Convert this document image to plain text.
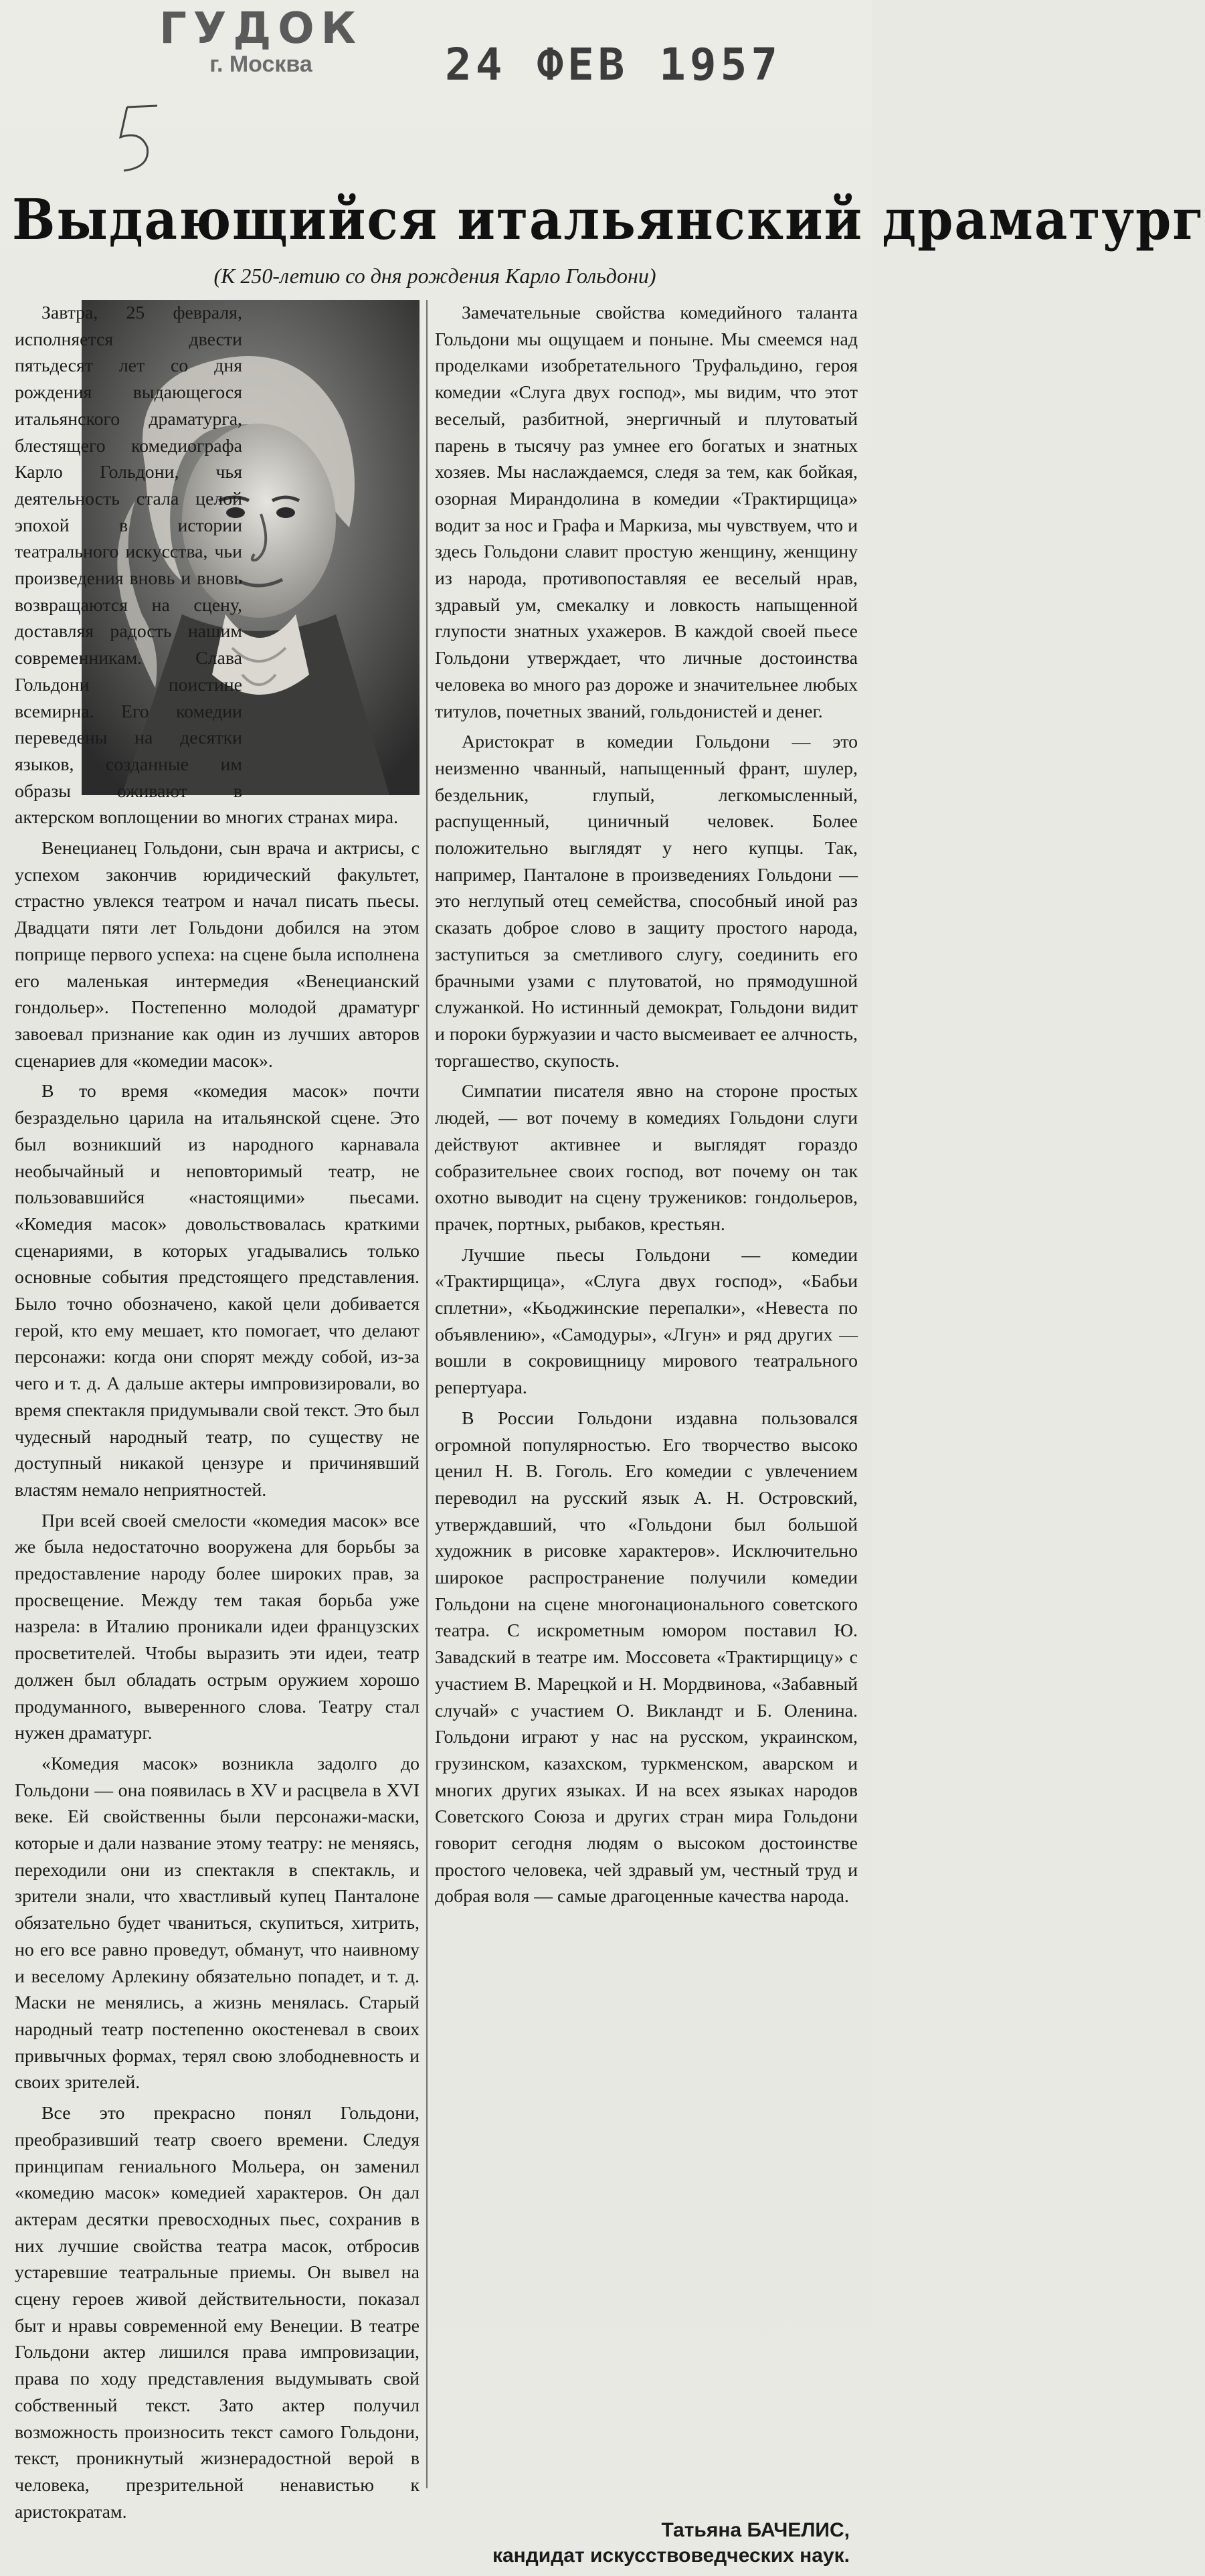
ГУДОК
г. Москва	24 ФЕВ 1957
Выдающийся итальянский драматург
(К 250-летию со дня рождения Карло Гольдони)

Завтра, 25 февраля, исполняется двести пятьдесят лет со дня рождения выдающегося итальянского драматурга, блестящего комедиографа Карло Гольдони, чья деятельность стала целой эпохой в истории театрального искусства, чьи произведения вновь и вновь возвращаются на сцену, доставляя радость нашим современникам. Слава Гольдони поистине всемирна. Его комедии переведены на десятки языков, созданные им образы оживают в актерском воплощении во многих странах мира.

Венецианец Гольдони, сын врача и актрисы, с успехом закончив юридический факультет, страстно увлекся театром и начал писать пьесы. Двадцати пяти лет Гольдони добился на этом поприще первого успеха: на сцене была исполнена его маленькая интермедия «Венецианский гондольер». Постепенно молодой драматург завоевал признание как один из лучших авторов сценариев для «комедии масок».

В то время «комедия масок» почти безраздельно царила на итальянской сцене. Это был возникший из народного карнавала необычайный и неповторимый театр, не пользовавшийся «настоящими» пьесами. «Комедия масок» довольствовалась краткими сценариями, в которых угадывались только основные события предстоящего представления. Было точно обозначено, какой цели добивается герой, кто ему мешает, кто помогает, что делают персонажи: когда они спорят между собой, из-за чего и т. д. А дальше актеры импровизировали, во время спектакля придумывали свой текст. Это был чудесный народный театр, по существу не доступный никакой цензуре и причинявший властям немало неприятностей.

При всей своей смелости «комедия масок» все же была недостаточно вооружена для борьбы за предоставление народу более широких прав, за просвещение. Между тем такая борьба уже назрела: в Италию проникали идеи французских просветителей. Чтобы выразить эти идеи, театр должен был обладать острым оружием хорошо продуманного, выверенного слова. Театру стал нужен драматург.

«Комедия масок» возникла задолго до Гольдони — она появилась в XV и расцвела в XVI веке. Ей свойственны были персонажи-маски, которые и дали название этому театру: не меняясь, переходили они из спектакля в спектакль, и зрители знали, что хвастливый купец Панталоне обязательно будет чваниться, скупиться, хитрить, но его все равно проведут, обманут, что наивному и веселому Арлекину обязательно попадет, и т. д. Маски не менялись, а жизнь менялась. Старый народный театр постепенно окостеневал в своих привычных формах, терял свою злободневность и своих зрителей.

Все это прекрасно понял Гольдони, преобразивший театр своего времени. Следуя принципам гениального Мольера, он заменил «комедию масок» комедией характеров. Он дал актерам десятки превосходных пьес, сохранив в них лучшие свойства театра масок, отбросив устаревшие театральные приемы. Он вывел на сцену героев живой действительности, показал быт и нравы современной ему Венеции. В театре Гольдони актер лишился права импровизации, права по ходу представления выдумывать свой собственный текст. Зато актер получил возможность произносить текст самого Гольдони, текст, проникнутый жизнерадостной верой в человека, презрительной ненавистью к аристократам.

Замечательные свойства комедийного таланта Гольдони мы ощущаем и поныне. Мы смеемся над проделками изобретательного Труфальдино, героя комедии «Слуга двух господ», мы видим, что этот веселый, разбитной, энергичный и плутоватый парень в тысячу раз умнее его богатых и знатных хозяев. Мы наслаждаемся, следя за тем, как бойкая, озорная Мирандолина в комедии «Трактирщица» водит за нос и Графа и Маркиза, мы чувствуем, что и здесь Гольдони славит простую женщину, женщину из народа, противопоставляя ее веселый нрав, здравый ум, смекалку и ловкость напыщенной глупости знатных ухажеров. В каждой своей пьесе Гольдони утверждает, что личные достоинства человека во много раз дороже и значительнее любых титулов, почетных званий, гольдонистей и денег.

Аристократ в комедии Гольдони — это неизменно чванный, напыщенный франт, шулер, бездельник, глупый, легкомысленный, распущенный, циничный человек. Более положительно выглядят у него купцы. Так, например, Панталоне в произведениях Гольдони — это неглупый отец семейства, способный иной раз сказать доброе слово в защиту простого народа, заступиться за сметливого слугу, соединить его брачными узами с плутоватой, но прямодушной служанкой. Но истинный демократ, Гольдони видит и пороки буржуазии и часто высмеивает ее алчность, торгашество, скупость.

Симпатии писателя явно на стороне простых людей, — вот почему в комедиях Гольдони слуги действуют активнее и выглядят гораздо собразительнее своих господ, вот почему он так охотно выводит на сцену тружеников: гондольеров, прачек, портных, рыбаков, крестьян.

Лучшие пьесы Гольдони — комедии «Трактирщица», «Слуга двух господ», «Бабьи сплетни», «Кьоджинские перепалки», «Невеста по объявлению», «Самодуры», «Лгун» и ряд других — вошли в сокровищницу мирового театрального репертуара.

В России Гольдони издавна пользовался огромной популярностью. Его творчество высоко ценил Н. В. Гоголь. Его комедии с увлечением переводил на русский язык А. Н. Островский, утверждавший, что «Гольдони был большой художник в рисовке характеров». Исключительно широкое распространение получили комедии Гольдони на сцене многонационального советского театра. С искрометным юмором поставил Ю. Завадский в театре им. Моссовета «Трактирщицу» с участием В. Марецкой и Н. Мордвинова, «Забавный случай» с участием О. Викландт и Б. Оленина. Гольдони играют у нас на русском, украинском, грузинском, казахском, туркменском, аварском и многих других языках. И на всех языках народов Советского Союза и других стран мира Гольдони говорит сегодня людям о высоком достоинстве простого человека, чей здравый ум, честный труд и добрая воля — самые драгоценные качества народа.

Татьяна БАЧЕЛИС,
кандидат искусствоведческих наук.
